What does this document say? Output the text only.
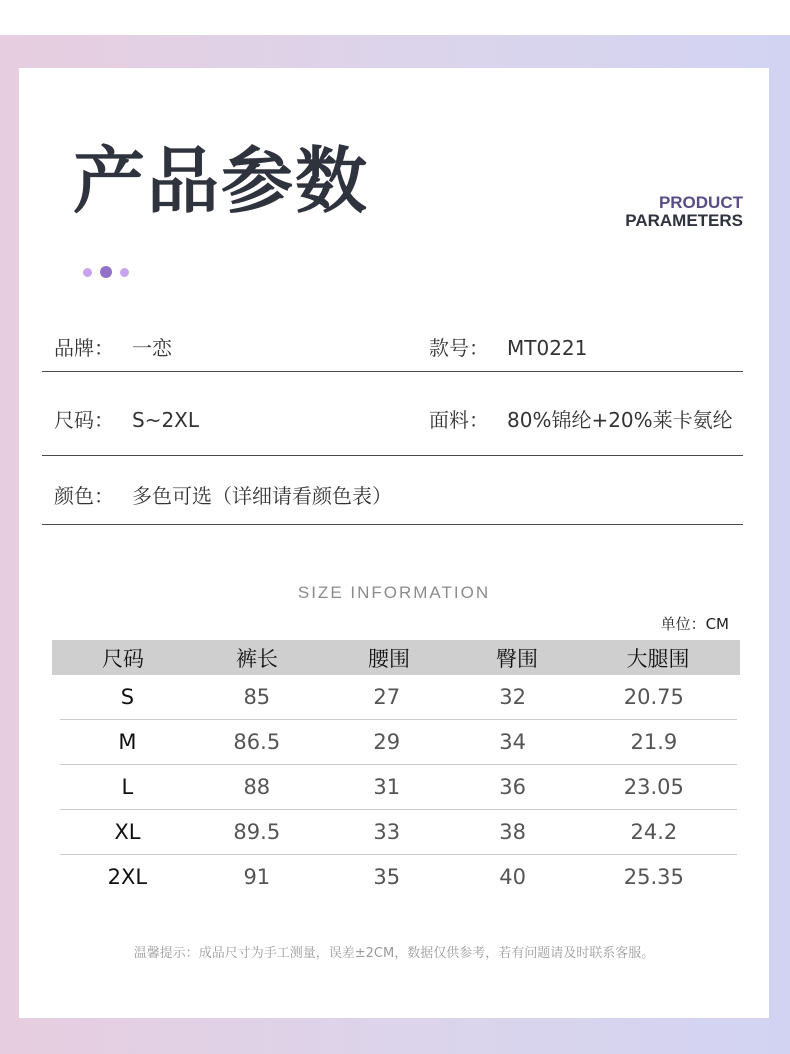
产品参数	PRODUCT
PARAMETERS
品牌： 一恋	款号： MT0221
尺码： S~2XL	面料： 80%锦纶+20%莱卡氨纶
颜色： 多色可选（详细请看颜色表）
SIZE INFORMATION
单位：CM
尺码	裤长	腰围	臀围	大腿围
S	85	27	32	20.75
M	86.5	29	34	21.9
L	88	31	36	23.05
XL	89.5	33	38	24.2
2XL	91	35	40	25.35
温馨提示：成品尺寸为手工测量，误差±2CM，数据仅供参考，若有问题请及时联系客服。
